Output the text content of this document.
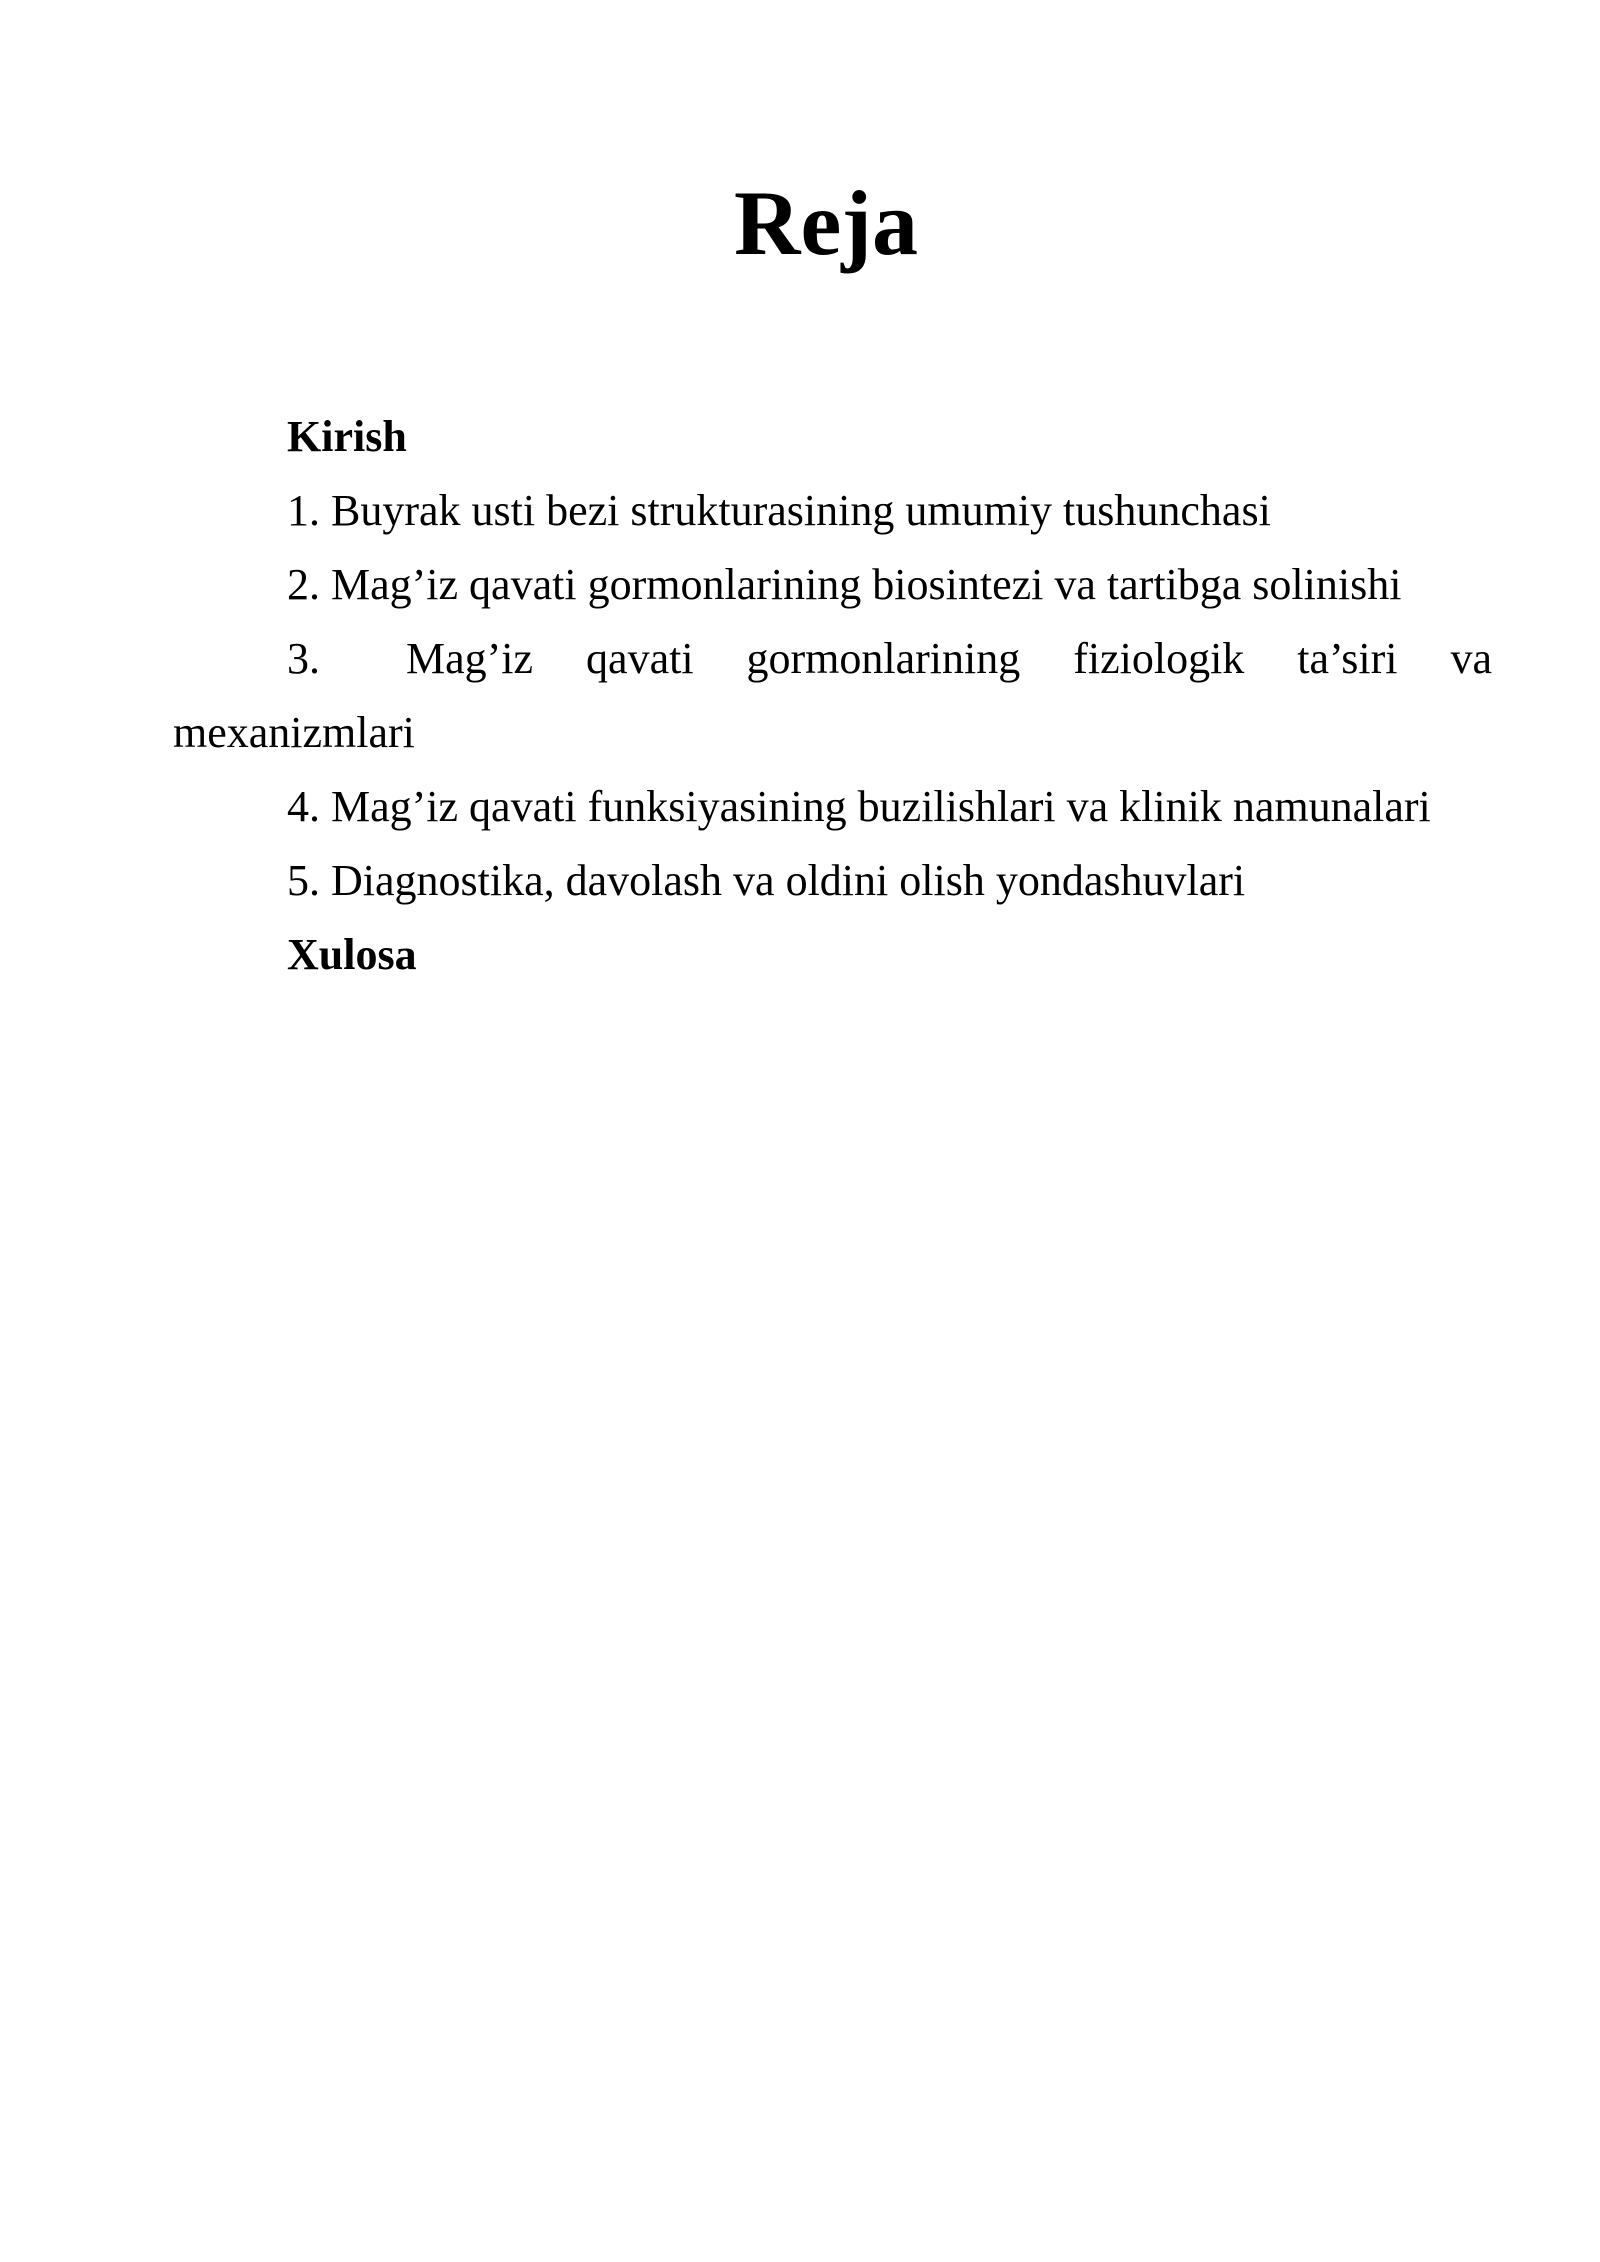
Reja
Kirish
1. Buyrak usti bezi strukturasining umumiy tushunchasi
2. Mag’iz qavati gormonlarining biosintezi va tartibga solinishi
3. Mag’iz qavati gormonlarining fiziologik ta’siri va mexanizmlari
4. Mag’iz qavati funksiyasining buzilishlari va klinik namunalari
5. Diagnostika, davolash va oldini olish yondashuvlari
Xulosa
